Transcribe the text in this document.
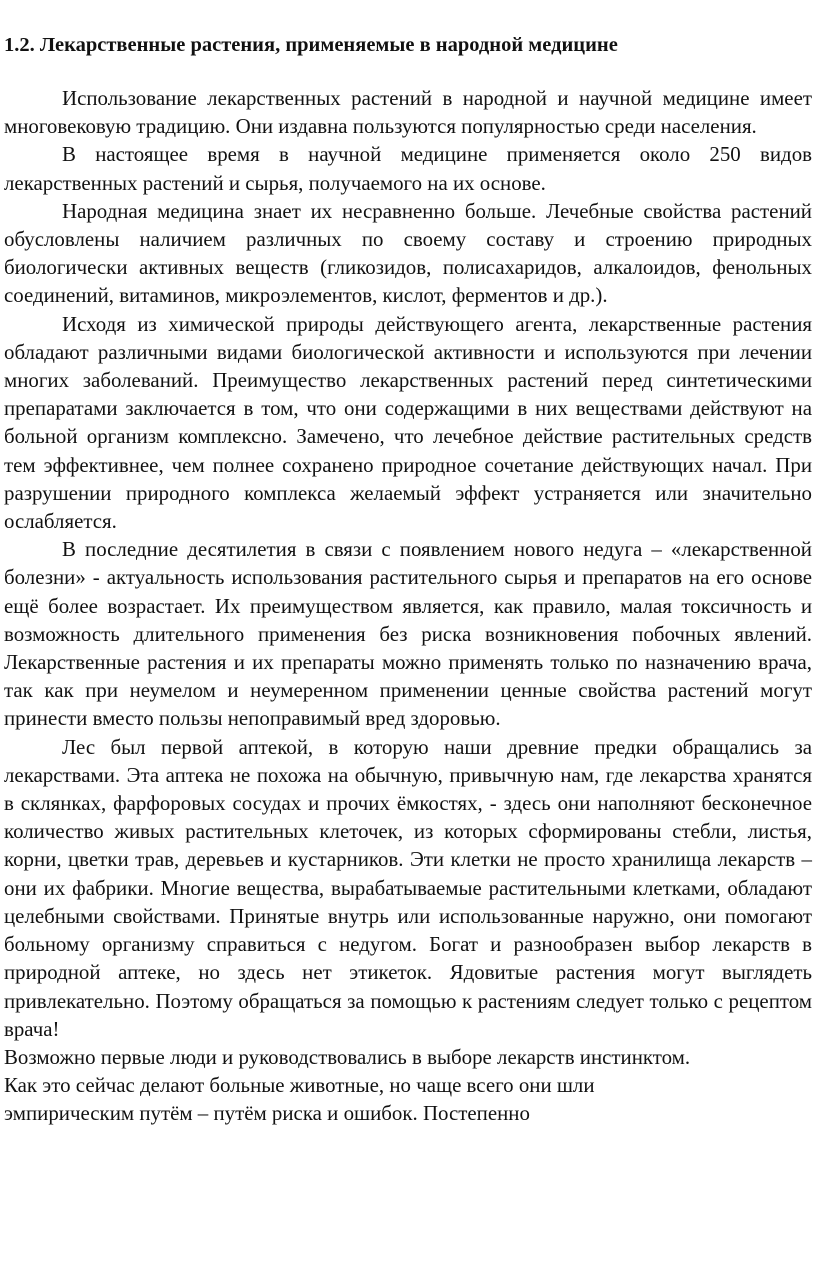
1.2. Лекарственные растения, применяемые в народной медицине

Использование лекарственных растений в народной и научной медицине имеет многовековую традицию. Они издавна пользуются популярностью среди населения.

В настоящее время в научной медицине применяется около 250 видов лекарственных растений и сырья, получаемого на их основе.

Народная медицина знает их несравненно больше. Лечебные свойства растений обусловлены наличием различных по своему составу и строению природных биологически активных веществ (гликозидов, полисахаридов, алкалоидов, фенольных соединений, витаминов, микроэлементов, кислот, ферментов и др.).

Исходя из химической природы действующего агента, лекарственные растения обладают различными видами биологической активности и используются при лечении многих заболеваний. Преимущество лекарственных растений перед синтетическими препаратами заключается в том, что они содержащими в них веществами действуют на больной организм комплексно. Замечено, что лечебное действие растительных средств тем эффективнее, чем полнее сохранено природное сочетание действующих начал. При разрушении природного комплекса желаемый эффект устраняется или значительно ослабляется.

В последние десятилетия в связи с появлением нового недуга – «лекарственной болезни» - актуальность использования растительного сырья и препаратов на его основе ещё более возрастает. Их преимуществом является, как правило, малая токсичность и возможность длительного применения без риска возникновения побочных явлений. Лекарственные растения и их препараты можно применять только по назначению врача, так как при неумелом и неумеренном применении ценные свойства растений могут принести вместо пользы непоправимый вред здоровью.

Лес был первой аптекой, в которую наши древние предки обращались за лекарствами. Эта аптека не похожа на обычную, привычную нам, где лекарства хранятся в склянках, фарфоровых сосудах и прочих ёмкостях, - здесь они наполняют бесконечное количество живых растительных клеточек, из которых сформированы стебли, листья, корни, цветки трав, деревьев и кустарников. Эти клетки не просто хранилища лекарств – они их фабрики. Многие вещества, вырабатываемые растительными клетками, обладают целебными свойствами. Принятые внутрь или использованные наружно, они помогают больному организму справиться с недугом. Богат и разнообразен выбор лекарств в природной аптеке, но здесь нет этикеток. Ядовитые растения могут выглядеть привлекательно. Поэтому обращаться за помощью к растениям следует только с рецептом врача!

Возможно первые люди и руководствовались в выборе лекарств инстинктом.
Как это сейчас делают больные животные, но чаще всего они шли
эмпирическим путём – путём риска и ошибок. Постепенно
